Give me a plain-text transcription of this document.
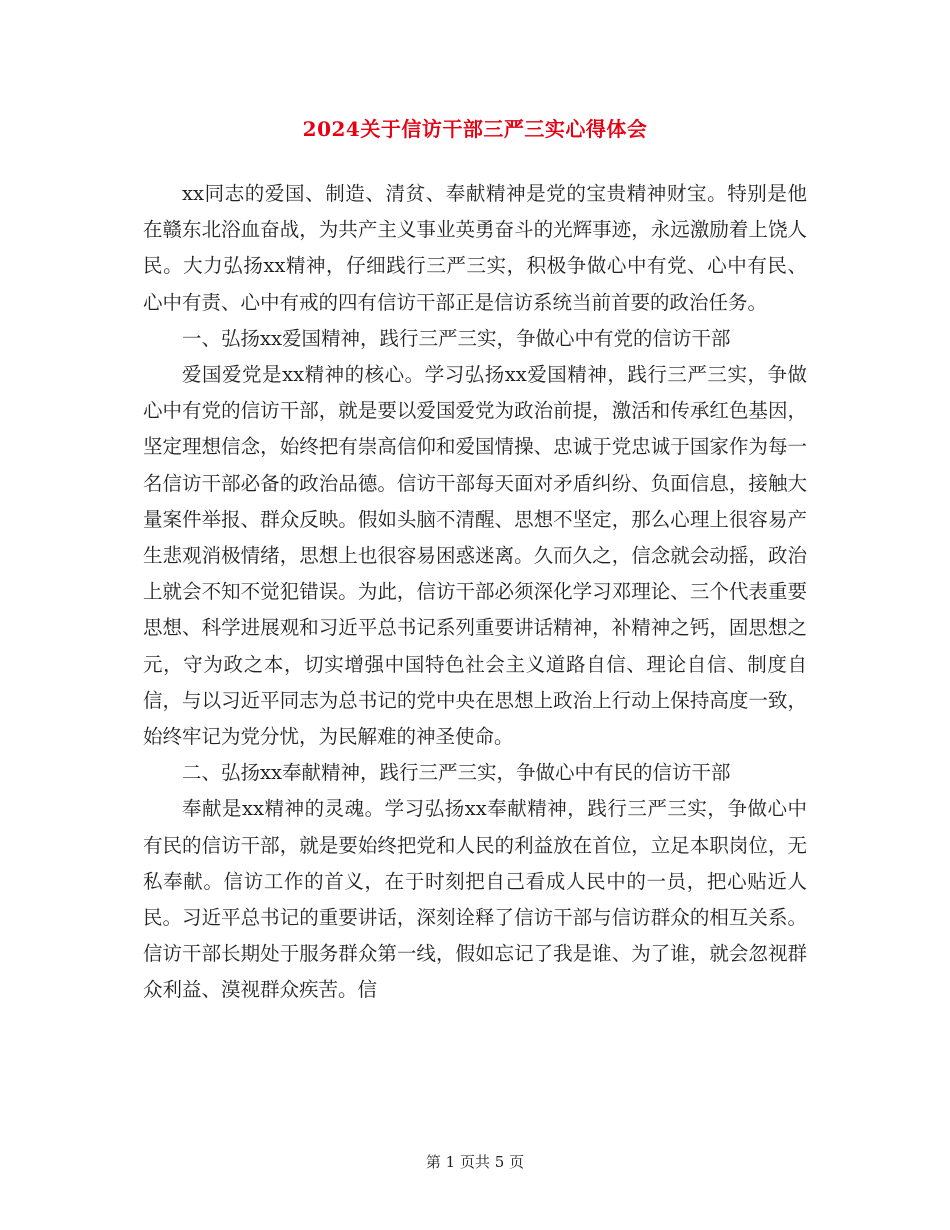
2024关于信访干部三严三实心得体会

xx同志的爱国、制造、清贫、奉献精神是党的宝贵精神财宝。特别是他在赣东北浴血奋战，为共产主义事业英勇奋斗的光辉事迹，永远激励着上饶人民。大力弘扬xx精神，仔细践行三严三实，积极争做心中有党、心中有民、心中有责、心中有戒的四有信访干部正是信访系统当前首要的政治任务。

一、弘扬xx爱国精神，践行三严三实，争做心中有党的信访干部

爱国爱党是xx精神的核心。学习弘扬xx爱国精神，践行三严三实，争做心中有党的信访干部，就是要以爱国爱党为政治前提，激活和传承红色基因，坚定理想信念，始终把有崇高信仰和爱国情操、忠诚于党忠诚于国家作为每一名信访干部必备的政治品德。信访干部每天面对矛盾纠纷、负面信息，接触大量案件举报、群众反映。假如头脑不清醒、思想不坚定，那么心理上很容易产生悲观消极情绪，思想上也很容易困惑迷离。久而久之，信念就会动摇，政治上就会不知不觉犯错误。为此，信访干部必须深化学习邓理论、三个代表重要思想、科学进展观和习近平总书记系列重要讲话精神，补精神之钙，固思想之元，守为政之本，切实增强中国特色社会主义道路自信、理论自信、制度自信，与以习近平同志为总书记的党中央在思想上政治上行动上保持高度一致，始终牢记为党分忧，为民解难的神圣使命。

二、弘扬xx奉献精神，践行三严三实，争做心中有民的信访干部

奉献是xx精神的灵魂。学习弘扬xx奉献精神，践行三严三实，争做心中有民的信访干部，就是要始终把党和人民的利益放在首位，立足本职岗位，无私奉献。信访工作的首义，在于时刻把自己看成人民中的一员，把心贴近人民。习近平总书记的重要讲话，深刻诠释了信访干部与信访群众的相互关系。信访干部长期处于服务群众第一线，假如忘记了我是谁、为了谁，就会忽视群众利益、漠视群众疾苦。信

第 1 页共 5 页
